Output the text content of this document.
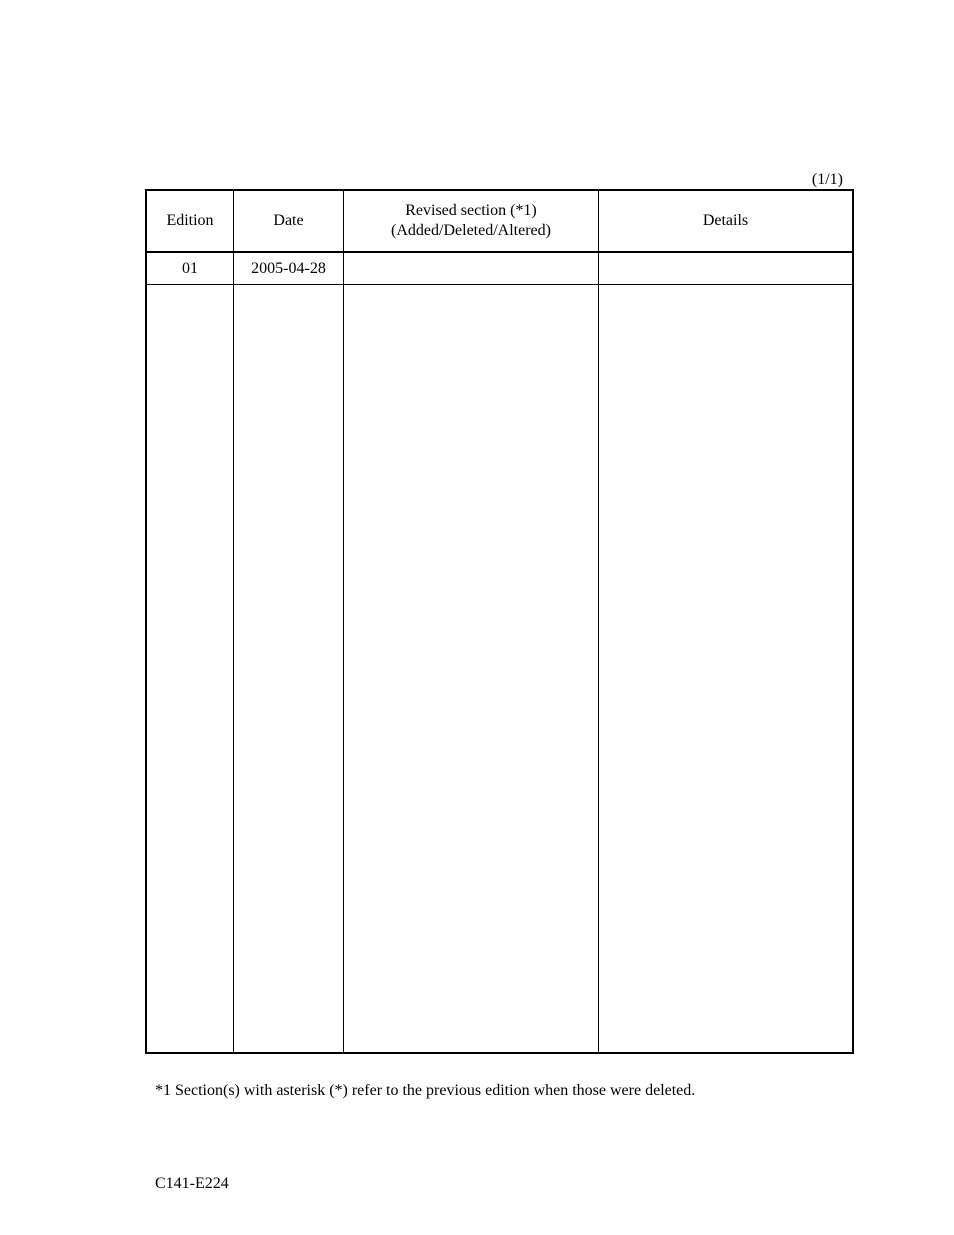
(1/1)
Edition	Date
Revised section (*1)
(Added/Deleted/Altered)
Details
01	2005-04-28
*1 Section(s) with asterisk (*) refer to the previous edition when those were deleted.
C141-E224
